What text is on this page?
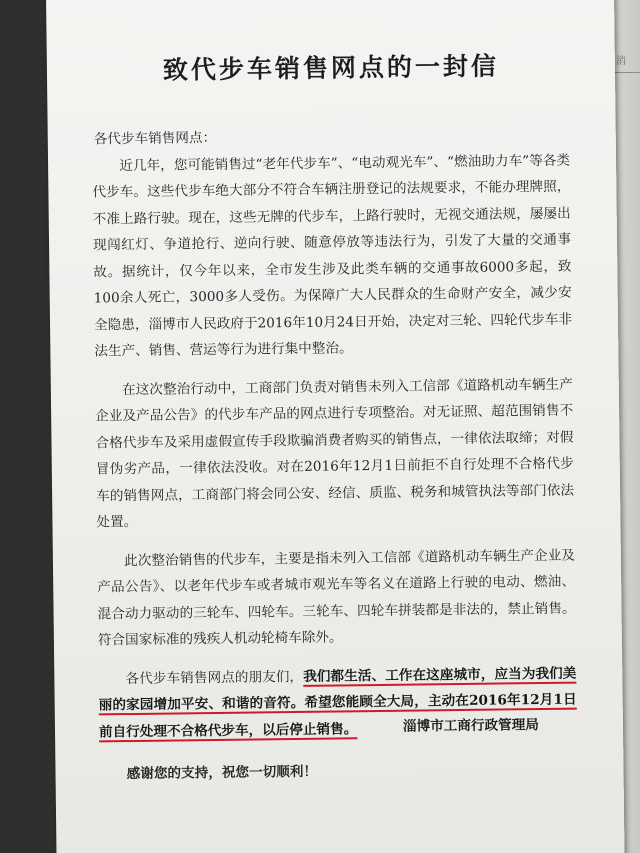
消
致代步车销售网点的一封信

各代步车销售网点：

近几年，您可能销售过“老年代步车”、“电动观光车”、“燃油助力车”等各类代步车。这些代步车绝大部分不符合车辆注册登记的法规要求，不能办理牌照，不准上路行驶。现在，这些无牌的代步车，上路行驶时，无视交通法规，屡屡出现闯红灯、争道抢行、逆向行驶、随意停放等违法行为，引发了大量的交通事故。据统计，仅今年以来，全市发生涉及此类车辆的交通事故6000多起，致100余人死亡，3000多人受伤。为保障广大人民群众的生命财产安全，减少安全隐患，淄博市人民政府于2016年10月24日开始，决定对三轮、四轮代步车非法生产、销售、营运等行为进行集中整治。

在这次整治行动中，工商部门负责对销售未列入工信部《道路机动车辆生产企业及产品公告》的代步车产品的网点进行专项整治。对无证照、超范围销售不合格代步车及采用虚假宣传手段欺骗消费者购买的销售点，一律依法取缔；对假冒伪劣产品，一律依法没收。对在2016年12月1日前拒不自行处理不合格代步车的销售网点，工商部门将会同公安、经信、质监、税务和城管执法等部门依法处置。

此次整治销售的代步车，主要是指未列入工信部《道路机动车辆生产企业及产品公告》、以老年代步车或者城市观光车等名义在道路上行驶的电动、燃油、混合动力驱动的三轮车、四轮车。三轮车、四轮车拼装都是非法的，禁止销售。符合国家标准的残疾人机动轮椅车除外。

各代步车销售网点的朋友们，我们都生活、工作在这座城市，应当为我们美丽的家园增加平安、和谐的音符。希望您能顾全大局，主动在2016年12月1日前自行处理不合格代步车，以后停止销售。

感谢您的支持，祝您一切顺利！

淄博市工商行政管理局
